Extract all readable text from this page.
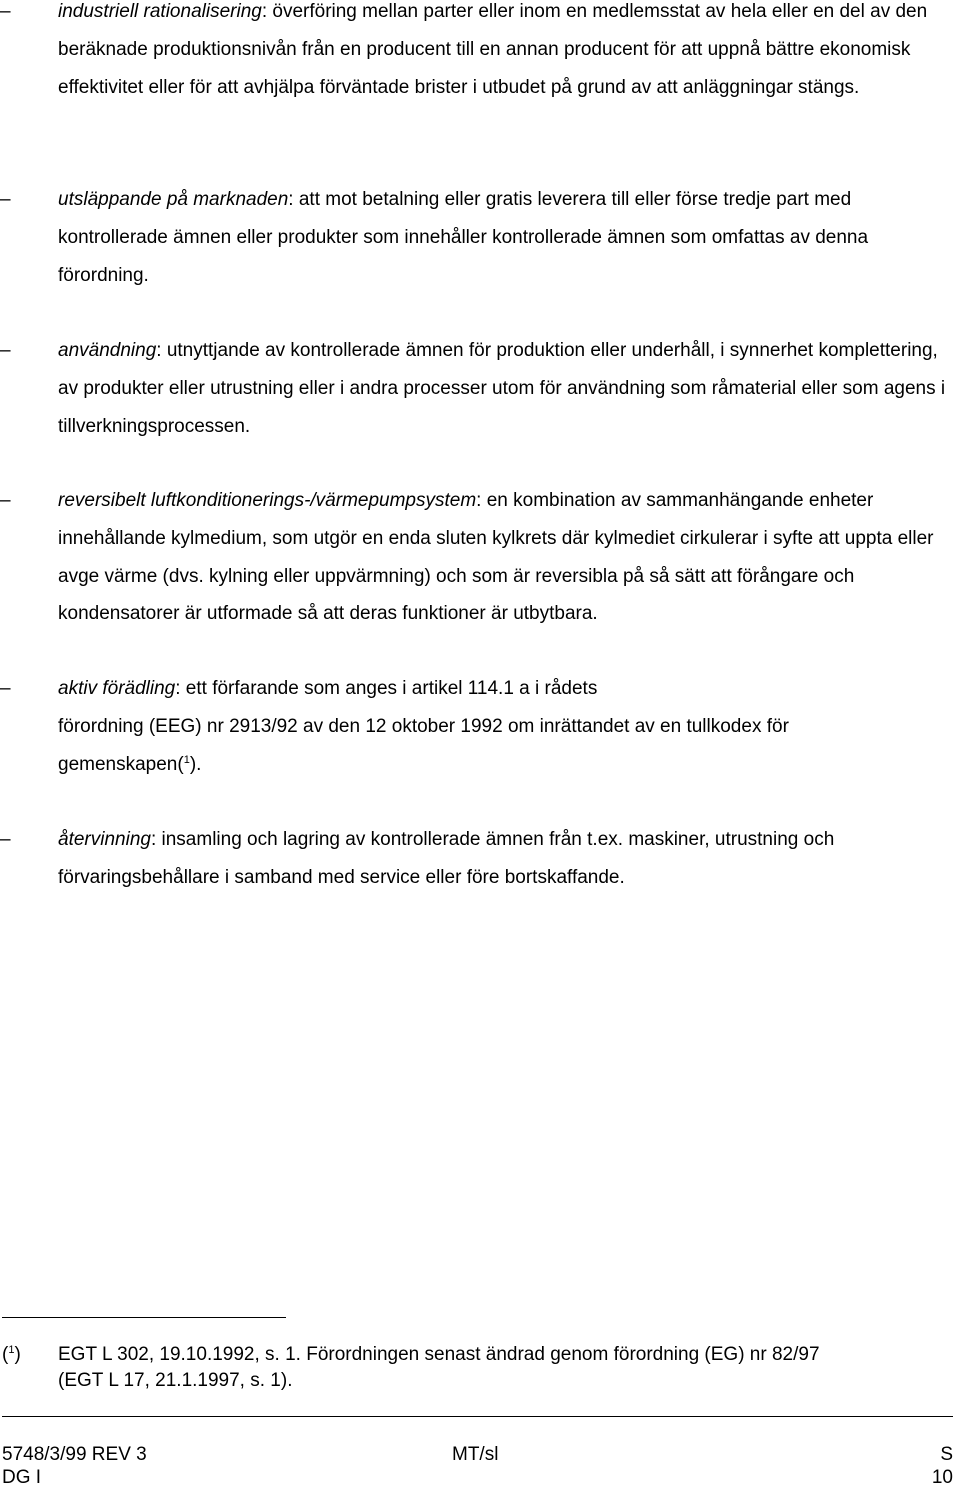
–	industriell rationalisering: överföring mellan parter eller inom en medlemsstat av hela eller en del av den beräknade produktionsnivån från en producent till en annan producent för att uppnå bättre ekonomisk effektivitet eller för att avhjälpa förväntade brister i utbudet på grund av att anläggningar stängs.
–	utsläppande på marknaden: att mot betalning eller gratis leverera till eller förse tredje part med kontrollerade ämnen eller produkter som innehåller kontrollerade ämnen som omfattas av denna förordning.
–	användning: utnyttjande av kontrollerade ämnen för produktion eller underhåll, i synnerhet komplettering, av produkter eller utrustning eller i andra processer utom för användning som råmaterial eller som agens i tillverkningsprocessen.
–	reversibelt luftkonditionerings-/värmepumpsystem: en kombination av sammanhängande enheter innehållande kylmedium, som utgör en enda sluten kylkrets där kylmediet cirkulerar i syfte att uppta eller avge värme (dvs. kylning eller uppvärmning) och som är reversibla på så sätt att förångare och kondensatorer är utformade så att deras funktioner är utbytbara.
–	aktiv förädling: ett förfarande som anges i artikel 114.1 a i rådets
förordning (EEG) nr 2913/92 av den 12 oktober 1992 om inrättandet av en tullkodex för
gemenskapen($^1$).
–	återvinning: insamling och lagring av kontrollerade ämnen från t.ex. maskiner, utrustning och förvaringsbehållare i samband med service eller före bortskaffande.
($^1$) EGT L 302, 19.10.1992, s. 1. Förordningen senast ändrad genom förordning (EG) nr 82/97
(EGT L 17, 21.1.1997, s. 1).
5748/3/99 REV 3	MT/sl	S
DG I	10
